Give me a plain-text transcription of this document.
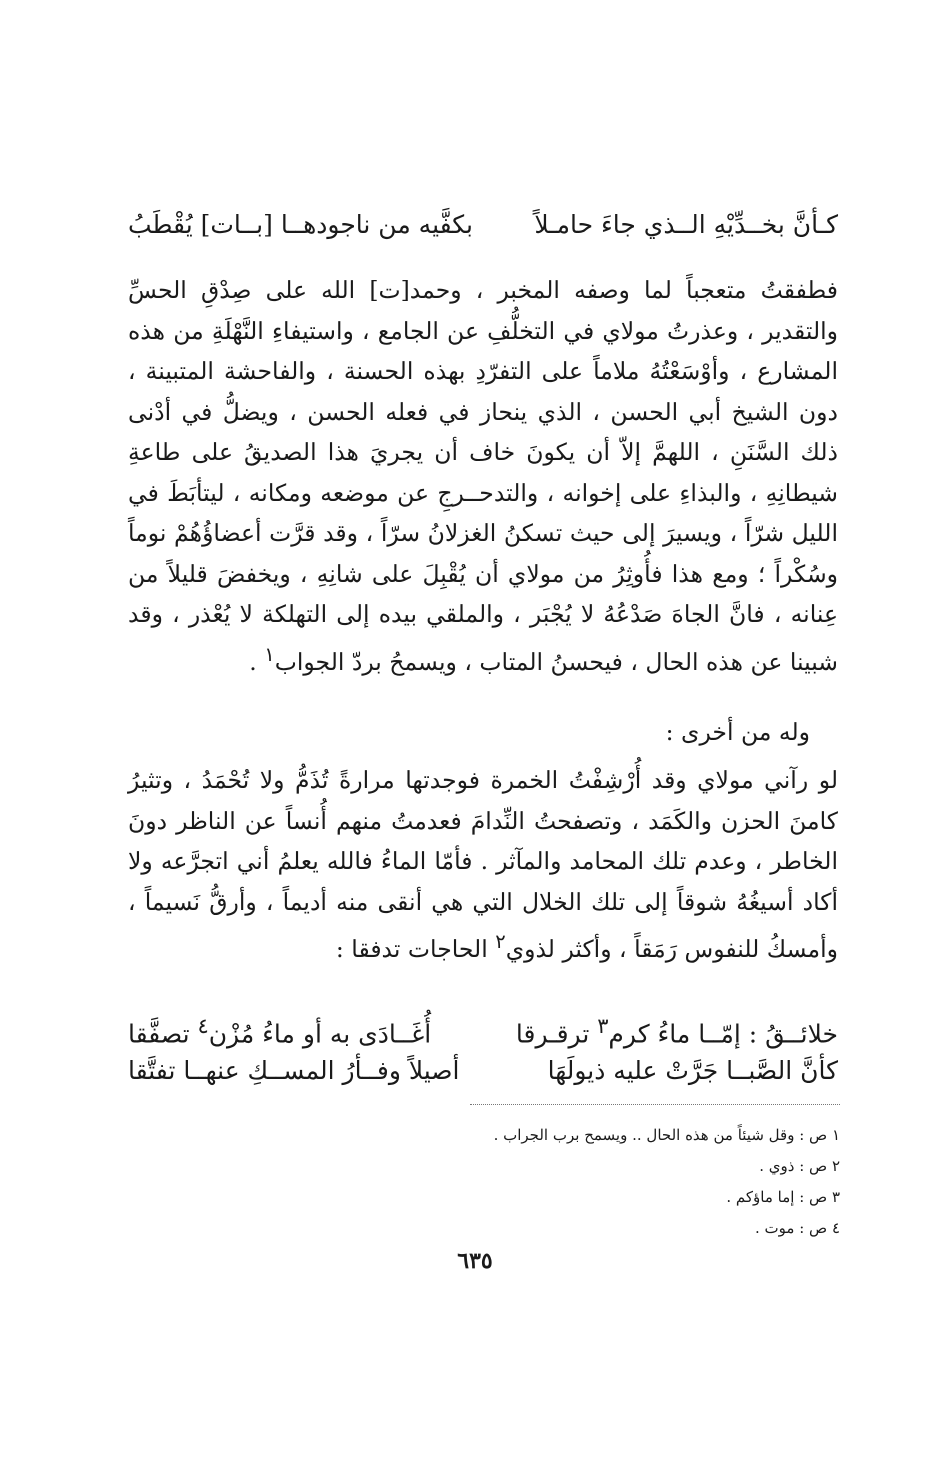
كـأنَّ بخــدِّيْهِ الــذي جاءَ حامـلاً
بكفَّيه من ناجودهــا [بــات] يُقْطَبُ

فطفقتُ متعجباً لما وصفه المخبر ، وحمد[ت] الله على صِدْقِ الحسِّ والتقدير ، وعذرتُ مولاي في التخلُّفِ عن الجامع ، واستيفاءِ النَّهْلَةِ من هذه المشارع ، وأوْسَعْتُهُ ملاماً على التفرّدِ بهذه الحسنة ، والفاحشة المتبينة ، دون الشيخ أبي الحسن ، الذي ينحاز في فعله الحسن ، ويضلُّ في أدْنى ذلك السَّنَنِ ، اللهمَّ إلاّ أن يكونَ خاف أن يجريَ هذا الصديقُ على طاعةِ شيطانِهِ ، والبذاءِ على إخوانه ، والتدحــرجِ عن موضعه ومكانه ، ليتأبَطَ في الليل شرّاً ، ويسيرَ إلى حيث تسكنُ الغزلانُ سرّاً ، وقد قرَّت أعضاؤُهُمْ نوماً وسُكْراً ؛ ومع هذا فأُوثِرُ من مولاي أن يُقْبِلَ على شانِهِ ، ويخفضَ قليلاً من عِنانه ، فانَّ الجاهَ صَدْعُهُ لا يُجْبَر ، والملقي بيده إلى التهلكة لا يُعْذر ، وقد شبينا عن هذه الحال ، فيحسنُ المتاب ، ويسمحُ بردّ الجواب$^١$ .

وله من أخرى :

لو رآني مولاي وقد أُرْشِفْتُ الخمرة فوجدتها مرارةً تُذَمُّ ولا تُحْمَدُ ، وتثيرُ كامنَ الحزن والكَمَد ، وتصفحتُ النِّدامَ فعدمتُ منهم أُنساً عن الناظر دونَ الخاطر ، وعدم تلك المحامد والمآثر . فأمّا الماءُ فالله يعلمُ أني اتجرَّعه ولا أكاد أسيغُهُ شوقاً إلى تلك الخلال التي هي أنقى منه أديماً ، وأرقُّ نَسيماً ، وأمسكُ للنفوس رَمَقاً ، وأكثر لذوي$^٢$ الحاجات تدفقا :

خلائــقُ : إمّــا ماءُ كرم$^٣$ ترقـرقا
أُغَــادَى به أو ماءُ مُزْن$^٤$ تصفَّقا
كأنَّ الصَّبــا جَرَّتْ عليه ذيولَهَا
أصيلاً وفــأرُ المســكِ عنهــا تفتَّقا
١ ص : وقل شيئاً من هذه الحال .. ويسمح برب الجراب .
٢ ص : ذوي .
٣ ص : إما ماؤكم .
٤ ص : موت .
٦٣٥
